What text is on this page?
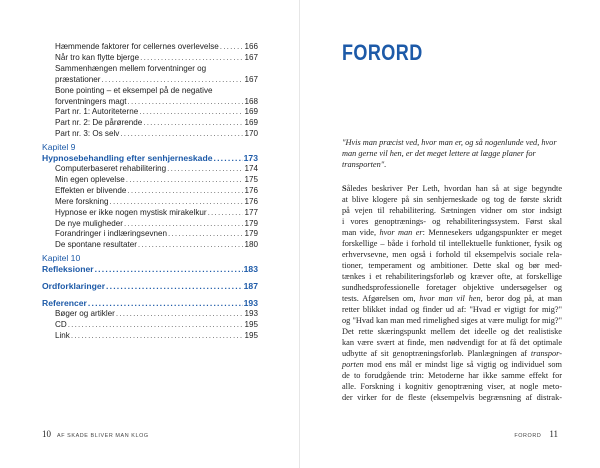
Hæmmende faktorer for cellernes overlevelse .....	166
Når tro kan flytte bjerge .....	167
Sammenhængen mellem forventninger og
præstationer .....	167
Bone pointing – et eksempel på de negative
forventningers magt .....	168
Part nr. 1: Autoriteterne .....	169
Part nr. 2: De pårørende .....	169
Part nr. 3: Os selv .....	170
Kapitel 9
Hypnosebehandling efter senhjerneskade .....	173
Computerbaseret rehabilitering .....	174
Min egen oplevelse .....	175
Effekten er blivende .....	176
Mere forskning .....	176
Hypnose er ikke nogen mystisk mirakelkur .....	177
De nye muligheder .....	179
Forandringer i indlæringsevnen .....	179
De spontane resultater .....	180
Kapitel 10
Refleksioner .....	183
Ordforklaringer .....	187
Referencer .....	193
Bøger og artikler .....	193
CD .....	195
Link .....	195
10 AF SKADE BLIVER MAN KLOG
FORORD
"Hvis man præcist ved, hvor man er, og så nogenlunde ved, hvor man gerne vil hen, er det meget lettere at lægge planer for transporten".
Således beskriver Per Leth, hvordan han så at sige begyndte
at blive klogere på sin senhjerneskade og tog de første skridt
på vejen til rehabilitering. Sætningen vidner om stor indsigt
i vores genoptrænings- og rehabiliteringssystem. Først skal
man vide, hvor man er: Mennesekers udgangspunkter er meget
forskellige – både i forhold til intellektuelle funktioner, fysik og
erhvervsevne, men også i forhold til eksempelvis sociale rela-
tioner, temperament og ambitioner. Dette skal og bør med-
tænkes i et rehabiliteringsforløb og kræver ofte, at forskellige
sundhedsprofessionelle foretager objektive undersøgelser og
tests. Afgørelsen om, hvor man vil hen, beror dog på, at man
retter blikket indad og finder ud af: "Hvad er vigtigt for mig?"
og "Hvad kan man med rimelighed siges at være muligt for mig?"
Det rette skæringspunkt mellem det ideelle og det realistiske
kan være svært at finde, men nødvendigt for at få det optimale
udbytte af sit genoptræningsforløb. Planlægningen af transpor-
porten mod ens mål er mindst lige så vigtig og individuel som
de to forudgående trin: Metoderne har ikke samme effekt for
alle. Forskning i kognitiv genoptræning viser, at nogle meto-
der virker for de fleste (eksempelvis begrænsning af distrak-
FORORD 11
